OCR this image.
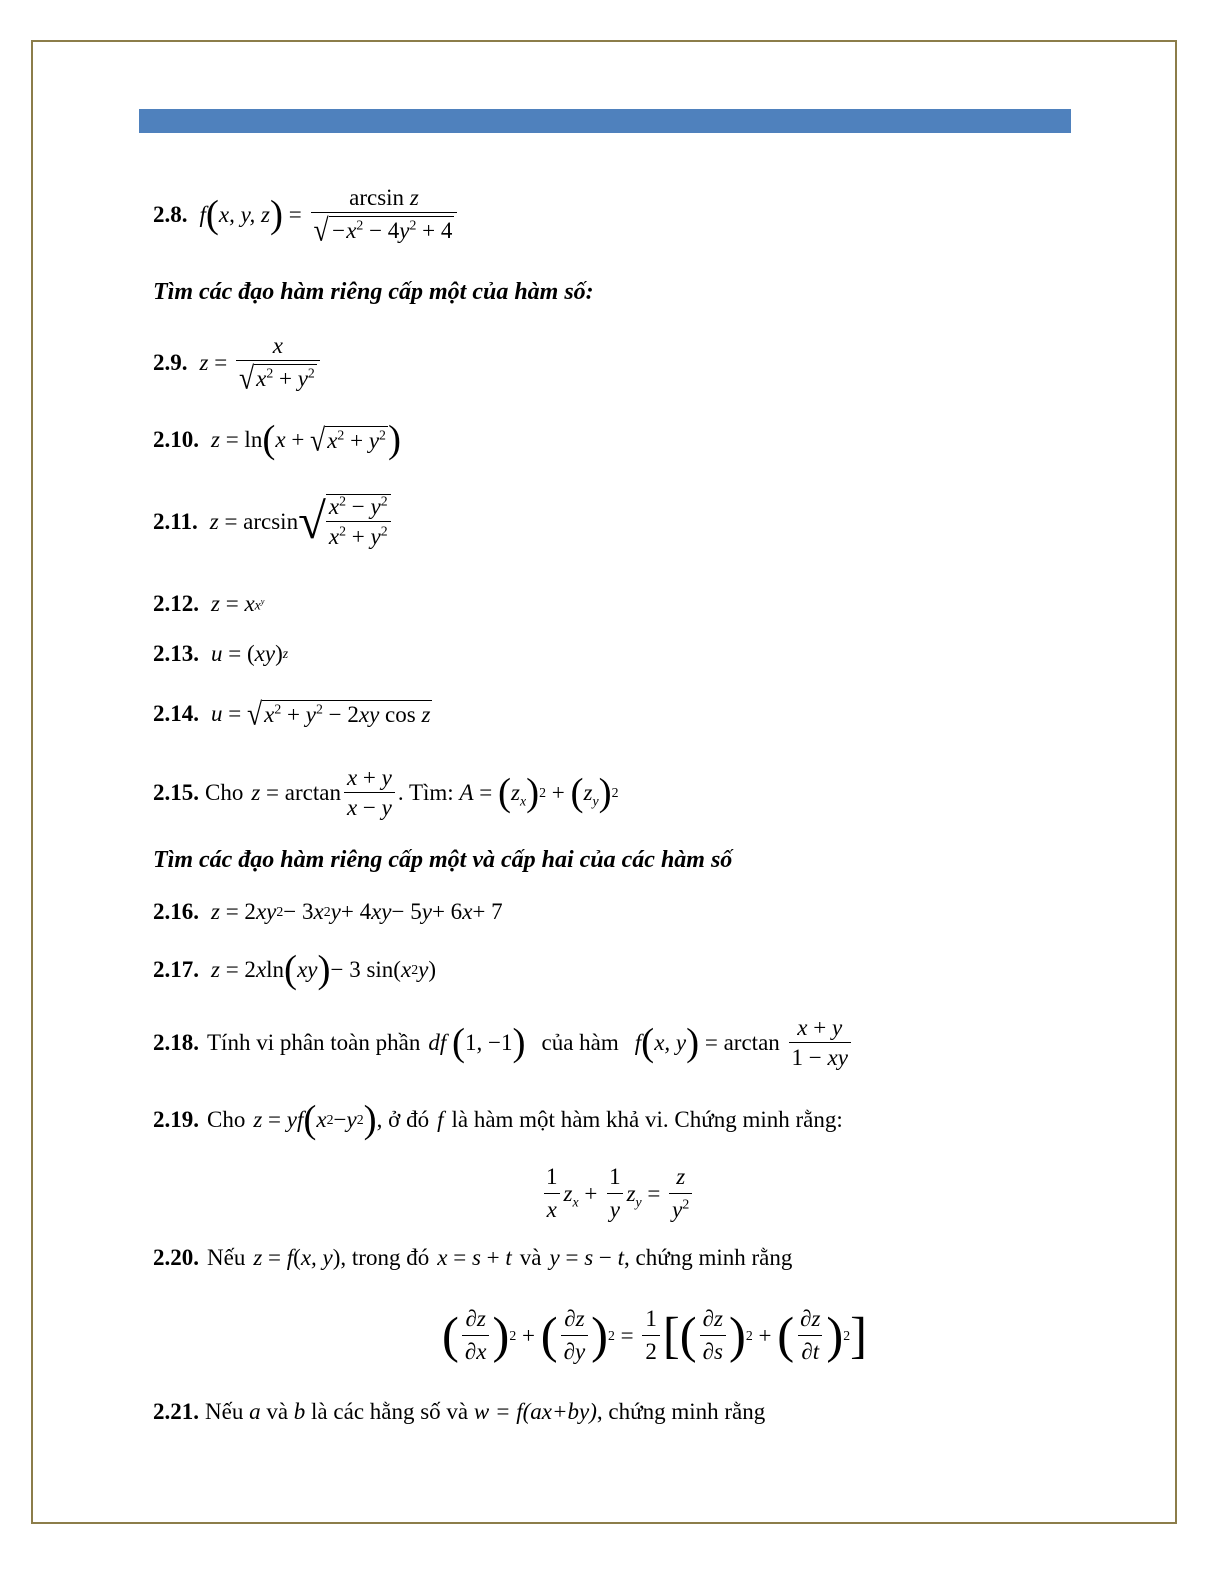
2.8. f ( x, y, z ) = $\frac{\text{arcsin z}}{√ -x^2 - 4y^2 + 4}$
Tìm các đạo hàm riêng cấp một của hàm số:
2.9. $z = \frac{x}{√ x^2 + y^2}$
2.10. z = ln ( x + √ $x^2 + y^2$ )
2.11. z = arcsin √ $\frac{x^2 - y^2}{x^2 + y^2}$
2.12. z = x $x^y$
2.13. u = ( xy ) z
2.14. u = √ $x^2 + y^2 - 2xy$ cos z
2.15. Cho $z = \arctan \frac{x + y}{x - y}$ . Tìm:
A = ( $z_x$ ) 2 + ( $z_y$ ) 2
Tìm các đạo hàm riêng cấp một và cấp hai của các hàm số
2.16. z = 2 xy 2 − 3 x 2 y + 4 xy − 5 y + 6 x + 7
2.17. z = 2 x ln ( xy ) − 3 sin( x 2 y )
2.18. Tính vi phân toàn phần df
( 1, −1 ) của hàm f ( x, y ) = $\arctan \frac{x + y}{1 - xy}$
2.19. Cho z = yf ( x 2 − y 2 ) , ở đó f là hàm một hàm khả vi. Chứng minh rằng:
$\frac{1}{x} z_x + \frac{1}{y} z_y = \frac{z}{y^2}$
2.20. Nếu z = f ( x, y ) , trong đó x = s + t và y = s − t , chứng minh rằng
( $\frac{\partial z}{\partial x}$ ) 2 + ( $\frac{\partial z}{\partial y}$ ) $2 = \frac{1}{2}$ [ ( $\frac{\partial z}{\partial s}$ ) 2 + ( $\frac{\partial z}{\partial t}$ ) 2 ]
2.21. Nếu
a
và
b
là các hằng số và
w = f(ax+by) , chứng minh rằng
